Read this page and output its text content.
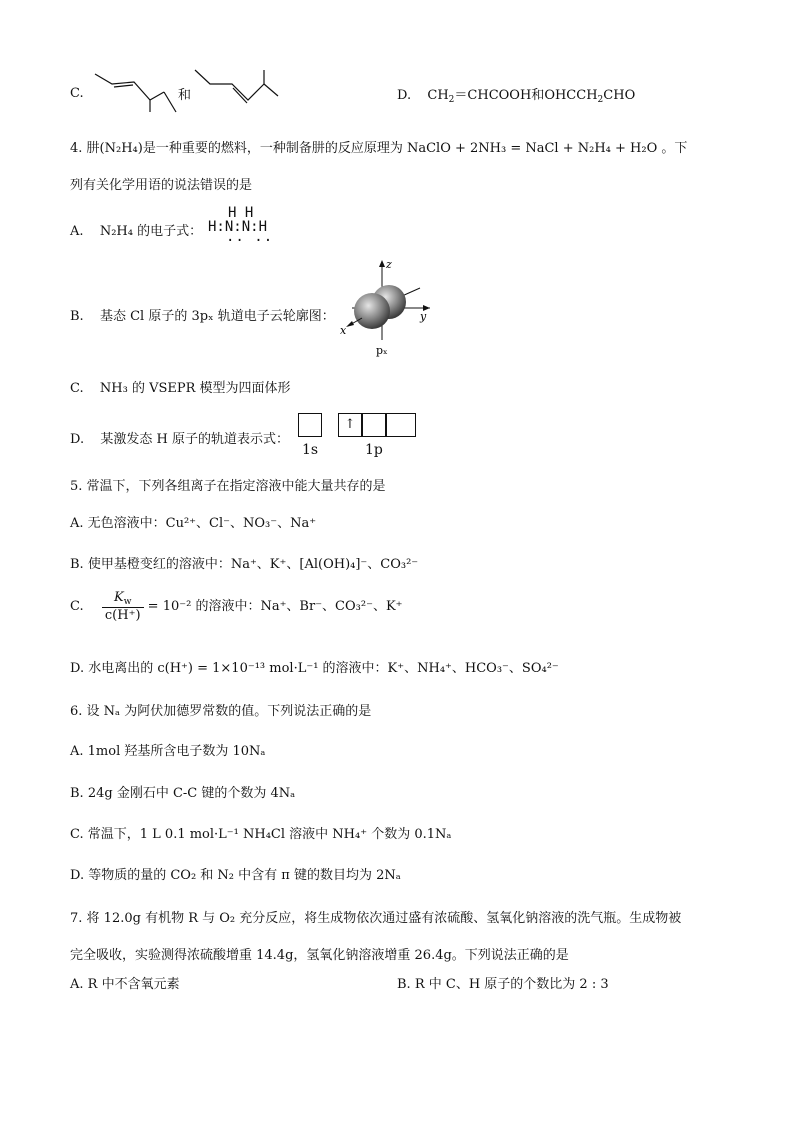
C.	和	D. $CH_2=CHCOOH$和$OHCCH_2CHO$
4. 肼(N₂H₄)是一种重要的燃料，一种制备肼的反应原理为 NaClO + 2NH₃ = NaCl + N₂H₄ + H₂O 。下
列有关化学用语的说法错误的是
A. N₂H₄ 的电子式：
H H
H:N:N:H
·· ··
B. 基态 Cl 原子的 3pₓ 轨道电子云轮廓图：
z
y
x
pₓ
C. NH₃ 的 VSEPR 模型为四面体形
D. 某激发态 H 原子的轨道表示式：
↑
1s	1p
5. 常温下，下列各组离子在指定溶液中能大量共存的是
A. 无色溶液中：Cu²⁺、Cl⁻、NO₃⁻、Na⁺
B. 使甲基橙变红的溶液中：Na⁺、K⁺、[Al(OH)₄]⁻、CO₃²⁻
C. $\frac{K_w}{c(H^+)} = 10^{-2}$ 的溶液中：Na⁺、Br⁻、CO₃²⁻、K⁺
D. 水电离出的 c(H⁺) = 1×10⁻¹³ mol·L⁻¹ 的溶液中：K⁺、NH₄⁺、HCO₃⁻、SO₄²⁻
6. 设 Nₐ 为阿伏加德罗常数的值。下列说法正确的是
A. 1mol 羟基所含电子数为 10Nₐ
B. 24g 金刚石中 C-C 键的个数为 4Nₐ
C. 常温下，1 L 0.1 mol·L⁻¹ NH₄Cl 溶液中 NH₄⁺ 个数为 0.1Nₐ
D. 等物质的量的 CO₂ 和 N₂ 中含有 π 键的数目均为 2Nₐ
7. 将 12.0g 有机物 R 与 O₂ 充分反应，将生成物依次通过盛有浓硫酸、氢氧化钠溶液的洗气瓶。生成物被
完全吸收，实验测得浓硫酸增重 14.4g，氢氧化钠溶液增重 26.4g。下列说法正确的是
A. R 中不含氧元素	B. R 中 C、H 原子的个数比为 2 : 3
